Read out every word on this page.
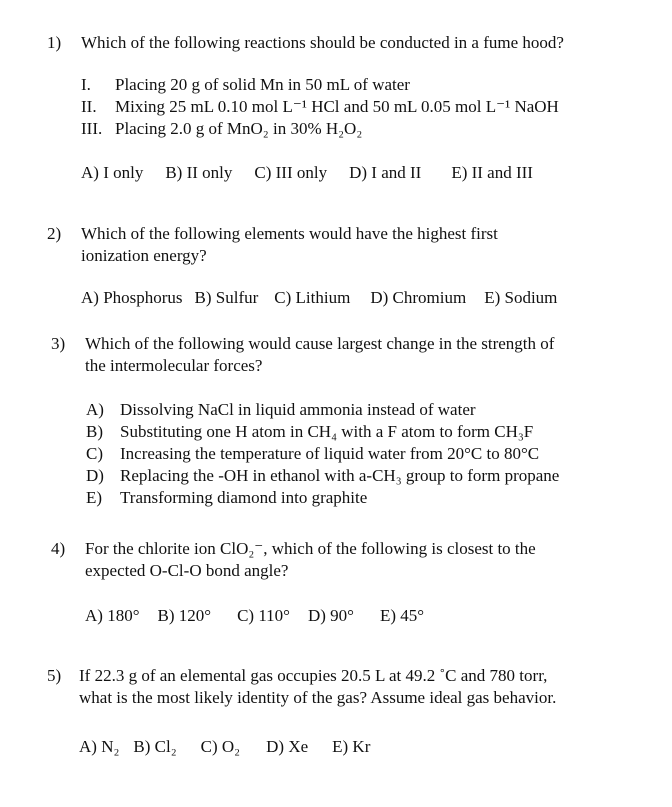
1) Which of the following reactions should be conducted in a fume hood?
I. Placing 20 g of solid Mn in 50 mL of water
II. Mixing 25 mL 0.10 mol L⁻¹ HCl and 50 mL 0.05 mol L⁻¹ NaOH
III. Placing 2.0 g of MnO₂ in 30% H₂O₂
A) I only B) II only C) III only D) I and II E) II and III
2) Which of the following elements would have the highest first
ionization energy?
A) Phosphorus B) Sulfur C) Lithium D) Chromium E) Sodium
3) Which of the following would cause largest change in the strength of
the intermolecular forces?
A) Dissolving NaCl in liquid ammonia instead of water
B) Substituting one H atom in CH₄ with a F atom to form CH₃F
C) Increasing the temperature of liquid water from 20°C to 80°C
D) Replacing the -OH in ethanol with a-CH₃ group to form propane
E) Transforming diamond into graphite
4) For the chlorite ion ClO₂⁻, which of the following is closest to the
expected O-Cl-O bond angle?
A) 180° B) 120° C) 110° D) 90° E) 45°
5) If 22.3 g of an elemental gas occupies 20.5 L at 49.2 ˚C and 780 torr,
what is the most likely identity of the gas? Assume ideal gas behavior.
A) N₂ B) Cl₂ C) O₂ D) Xe E) Kr
